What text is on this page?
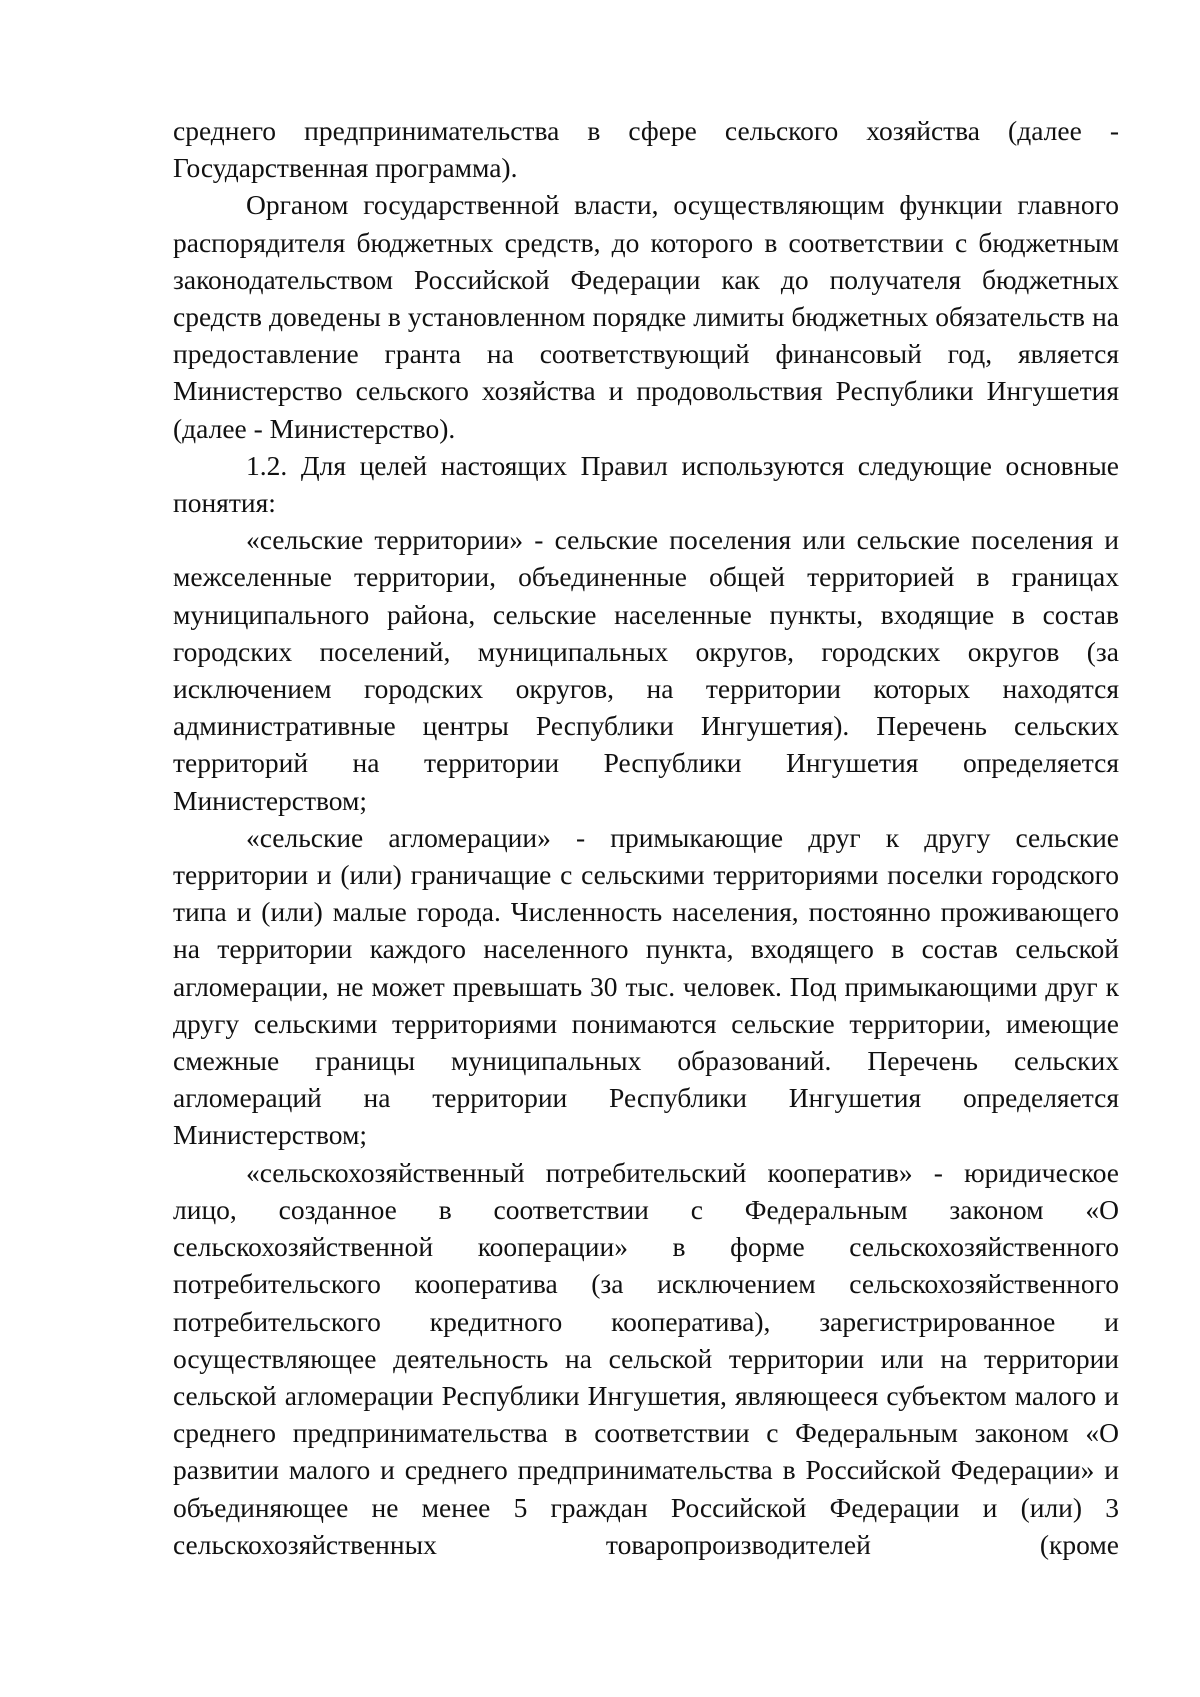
среднего предпринимательства в сфере сельского хозяйства (далее - Государственная программа).

Органом государственной власти, осуществляющим функции главного распорядителя бюджетных средств, до которого в соответствии с бюджетным законодательством Российской Федерации как до получателя бюджетных средств доведены в установленном порядке лимиты бюджетных обязательств на предоставление гранта на соответствующий финансовый год, является Министерство сельского хозяйства и продовольствия Республики Ингушетия (далее - Министерство).

1.2. Для целей настоящих Правил используются следующие основные понятия:

«сельские территории» - сельские поселения или сельские поселения и межселенные территории, объединенные общей территорией в границах муниципального района, сельские населенные пункты, входящие в состав городских поселений, муниципальных округов, городских округов (за исключением городских округов, на территории которых находятся административные центры Республики Ингушетия). Перечень сельских территорий на территории Республики Ингушетия определяется Министерством;

«сельские агломерации» - примыкающие друг к другу сельские территории и (или) граничащие с сельскими территориями поселки городского типа и (или) малые города. Численность населения, постоянно проживающего на территории каждого населенного пункта, входящего в состав сельской агломерации, не может превышать 30 тыс. человек. Под примыкающими друг к другу сельскими территориями понимаются сельские территории, имеющие смежные границы муниципальных образований. Перечень сельских агломераций на территории Республики Ингушетия определяется Министерством;

«сельскохозяйственный потребительский кооператив» - юридическое лицо, созданное в соответствии с Федеральным законом «О сельскохозяйственной кооперации» в форме сельскохозяйственного потребительского кооператива (за исключением сельскохозяйственного потребительского кредитного кооператива), зарегистрированное и осуществляющее деятельность на сельской территории или на территории сельской агломерации Республики Ингушетия, являющееся субъектом малого и среднего предпринимательства в соответствии с Федеральным законом «О развитии малого и среднего предпринимательства в Российской Федерации» и объединяющее не менее 5 граждан Российской Федерации и (или) 3 сельскохозяйственных товаропроизводителей (кроме
